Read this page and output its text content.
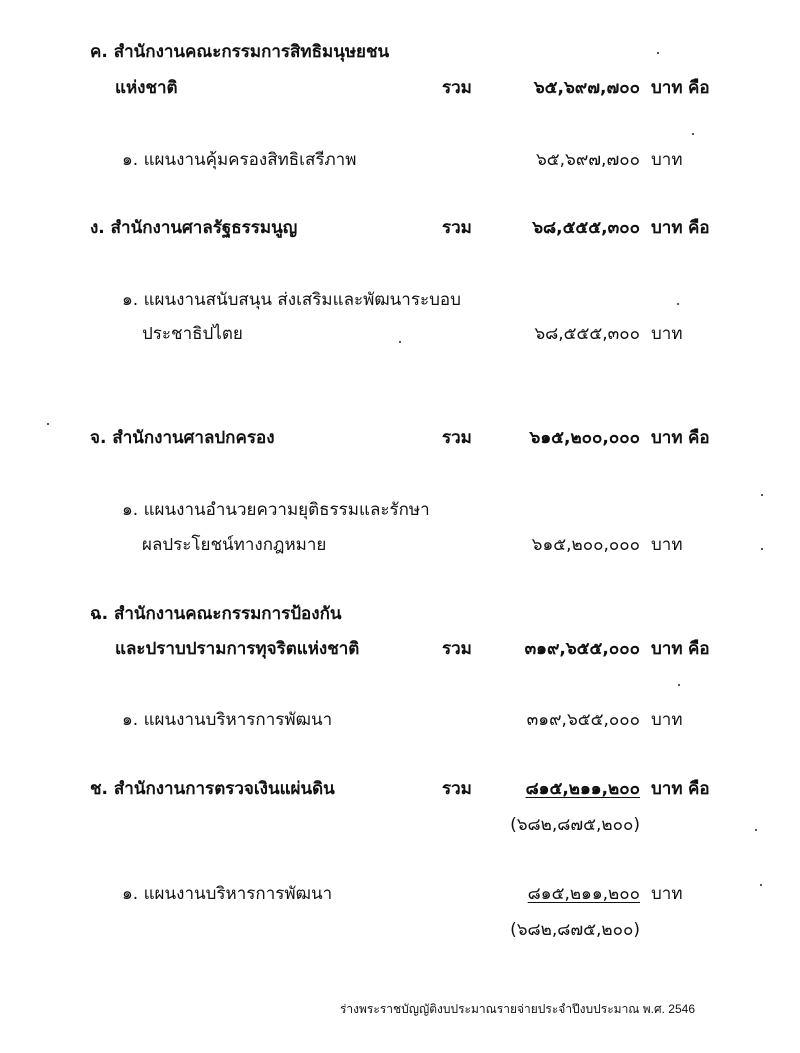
ค. สำนักงานคณะกรรมการสิทธิมนุษยชน
แห่งชาติ	รวม	๖๕,๖๙๗,๗๐๐ บาท คือ
๑. แผนงานคุ้มครองสิทธิเสรีภาพ	๖๕,๖๙๗,๗๐๐ บาท
ง. สำนักงานศาลรัฐธรรมนูญ	รวม	๖๘,๕๕๕,๓๐๐ บาท คือ
๑. แผนงานสนับสนุน ส่งเสริมและพัฒนาระบอบ
ประชาธิปไตย	๖๘,๕๕๕,๓๐๐ บาท
จ. สำนักงานศาลปกครอง	รวม	๖๑๕,๒๐๐,๐๐๐ บาท คือ
๑. แผนงานอำนวยความยุติธรรมและรักษา
ผลประโยชน์ทางกฎหมาย	๖๑๕,๒๐๐,๐๐๐ บาท
ฉ. สำนักงานคณะกรรมการป้องกัน
และปราบปรามการทุจริตแห่งชาติ	รวม	๓๑๙,๖๕๕,๐๐๐ บาท คือ
๑. แผนงานบริหารการพัฒนา	๓๑๙,๖๕๕,๐๐๐ บาท
ช. สำนักงานการตรวจเงินแผ่นดิน	รวม	๘๑๕,๒๑๑,๒๐๐ บาท คือ
(๖๘๒,๘๗๕,๒๐๐)
๑. แผนงานบริหารการพัฒนา	๘๑๕,๒๑๑,๒๐๐ บาท
(๖๘๒,๘๗๕,๒๐๐)
ร่างพระราชบัญญัติงบประมาณรายจ่ายประจำปีงบประมาณ พ.ศ. 2546
